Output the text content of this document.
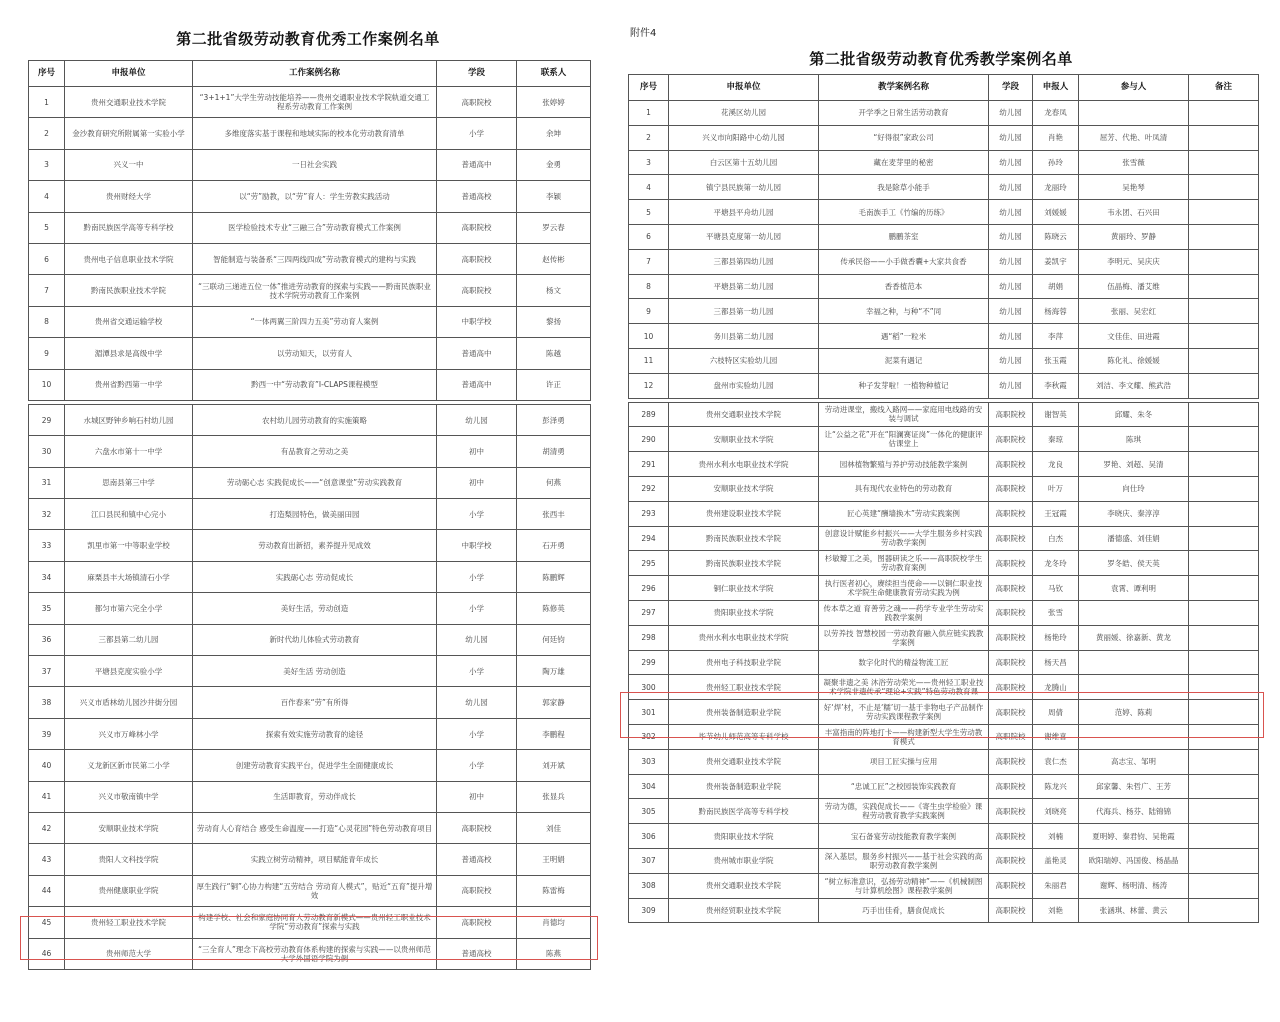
第二批省级劳动教育优秀工作案例名单
序号	申报单位	工作案例名称	学段	联系人
1	贵州交通职业技术学院	“3+1+1”大学生劳动技能培养——贵州交通职业技术学院轨道交通工程系劳动教育工作案例	高职院校	张婷婷
2	金沙教育研究所附属第一实验小学	多维度落实基于课程和地域实际的校本化劳动教育清单	小学	余坤
3	兴义一中	一日社会实践	普通高中	金勇
4	贵州财经大学	以“劳”励教，以“劳”育人：学生劳教实践活动	普通高校	李颖
5	黔南民族医学高等专科学校	医学检验技术专业“三融三合”劳动教育模式工作案例	高职院校	罗云春
6	贵州电子信息职业技术学院	智能制造与装备系“三四两线四成”劳动教育模式的建构与实践	高职院校	赵传彬
7	黔南民族职业技术学院	“三联动三递进五位一体”推进劳动教育的探索与实践——黔南民族职业技术学院劳动教育工作案例	高职院校	杨文
8	贵州省交通运输学校	“一体两翼三阶四力五美”劳动育人案例	中职学校	黎扬
9	湄潭县求是高级中学	以劳动知天，以劳育人	普通高中	陈越
10	贵州省黔西第一中学	黔西一中“劳动教育”I-CLAPS课程模型	普通高中	许正

29	水城区野钟乡响石村幼儿园	农村幼儿园劳动教育的实施策略	幼儿园	彭泽勇
30	六盘水市第十一中学	有品教育之劳动之美	初中	胡清勇
31	思南县第三中学	劳动砺心志 实践促成长——“创意课堂”劳动实践教育	初中	何燕
32	江口县民和镇中心完小	打造梨园特色，做美丽田园	小学	张西丰
33	凯里市第一中等职业学校	劳动教育出新招，素养提升见成效	中职学校	石开勇
34	麻栗县丰大场镇清石小学	实践砺心志 劳动促成长	小学	陈鹏辉
35	都匀市第六完全小学	美好生活，劳动创造	小学	陈修英
36	三都县第二幼儿园	新时代幼儿体验式劳动教育	幼儿园	何廷钧
37	平塘县克度实验小学	美好生活 劳动创造	小学	陶万雄
38	兴义市盾林幼儿园沙井街分园	百作春来“劳”有所得	幼儿园	郭家静
39	兴义市万峰林小学	探索有效实施劳动教育的途径	小学	李鹏程
40	义龙新区新市民第二小学	创建劳动教育实践平台，促进学生全面健康成长	小学	刘开斌
41	兴义市敬南镇中学	生活即教育，劳动伴成长	初中	张显兵
42	安顺职业技术学院	劳动育人心育结合 感受生命温度——打造“心灵花园”特色劳动教育项目	高职院校	刘佳
43	贵阳人文科技学院	实践立树劳动精神，项目赋能青年成长	普通高校	王明娟
44	贵州健康职业学院	厚生践行“铜”心协力构建“五劳结合 劳动育人模式”，贴近“五育”提升增效	高职院校	陈雷梅
45	贵州轻工职业技术学院	构建学校、社会和家庭协同育人劳动教育新模式——贵州轻工职业技术学院“劳动教育”探索与实践	高职院校	肖德均
46	贵州师范大学	“三全育人”理念下高校劳动教育体系构建的探索与实践——以贵州师范大学外国语学院为例	普通高校	陈燕
附件4
第二批省级劳动教育优秀教学案例名单
序号	申报单位	教学案例名称	学段	申报人	参与人	备注
1	花溪区幼儿园	开学季之日常生活劳动教育	幼儿园	龙春凤		
2	兴义市向阳路中心幼儿园	“好得很”家政公司	幼儿园	肖艳	屈芳、代艳、叶凤清	
3	白云区第十五幼儿园	藏在麦芽里的秘密	幼儿园	孙玲	张雪薇	
4	镇宁县民族第一幼儿园	我是除草小能手	幼儿园	龙丽玲	吴艳琴	
5	平塘县平舟幼儿园	毛南族手工《竹编的历练》	幼儿园	刘媛媛	韦永团、石兴田	
6	平塘县克度第一幼儿园	鹏鹏茶室	幼儿园	陈晓云	黄丽玲、罗静	
7	三都县第四幼儿园	传承民俗——小手做香囊+大家共食香	幼儿园	姜凯宇	李明元、吴庆庆	
8	平塘县第二幼儿园	香香植范本	幼儿园	胡娟	伍晶梅、潘艾维	
9	三都县第一幼儿园	幸福之种，与种“不”同	幼儿园	杨海蓉	张丽、吴宏红	
10	务川县第二幼儿园	遇“稻”一粒米	幼儿园	李萍	文佳佳、田进霞	
11	六枝特区实验幼儿园	泥菜有遇记	幼儿园	张玉霞	陈化礼、徐媛媛	
12	盘州市实验幼儿园	种子发芽啦！一植物种植记	幼儿园	李秋霞	刘洁、李文耀、熊武浩	

289	贵州交通职业技术学院	劳动进课堂，搬线入路网——家庭用电线路的安装与调试	高职院校	谢智英	邱耀、朱冬	
290	安顺职业技术学院	让“公益之花”开在“阳澜赛证岗”一体化的健康评估课堂上	高职院校	秦琼	陈琪	
291	贵州水利水电职业技术学院	园林植物繁殖与养护劳动技能教学案例	高职院校	龙良	罗艳、刘超、吴清	
292	安顺职业技术学院	具有现代农业特色的劳动教育	高职院校	叶万	向仕玲	
293	贵州建设职业技术学院	匠心英建“酬墙换木”劳动实践案例	高职院校	王冠霞	李晓庆、秦淳淳	
294	黔南民族职业技术学院	创意设计赋能乡村振兴——大学生服务乡村实践劳动教学案例	高职院校	白杰	潘德盛、刘佳娟	
295	黔南民族职业技术学院	杉敏瓣工之美，图器研读之乐——高职院校学生劳动教育案例	高职院校	龙冬玲	罗冬皓、侯天英	
296	铜仁职业技术学院	执行医者初心，赓续担当使命——以铜仁职业技术学院生命健康教育劳动实践为例	高职院校	马钦	袁霄、谭利明	
297	贵阳职业技术学院	传本草之道 育善劳之魂——药学专业学生劳动实践教学案例	高职院校	张雪		
298	贵州水利水电职业技术学院	以劳养技 智慧校园一劳动教育融入供应链实践教学案例	高职院校	杨艳玲	黄丽媛、徐嘉新、黄龙	
299	贵州电子科技职业学院	数字化时代的精益物流工匠	高职院校	杨天昌		
300	贵州轻工职业技术学院	凝聚非遗之美 沐浴劳动荣光——贵州轻工职业技术学院非遗传承“理论+实践”特色劳动教育课	高职院校	龙腾山		
301	贵州装备制造职业学院	好‘焊’材，不止是‘糯’切一基于非物电子产品制作劳动实践课程教学案例	高职院校	周倩	范婷、陈莉	
302	毕节幼儿师范高等专科学校	丰富指南的阵地打卡——构建新型大学生劳动教育模式	高职院校	谢维喜		
303	贵州交通职业技术学院	项目工匠实操与应用	高职院校	袁仁杰	高志宝、邹明	
304	贵州装备制造职业学院	“忠诚工匠”之校园装饰实践教育	高职院校	陈龙兴	邱家馨、朱哲广、王芳	
305	黔南民族医学高等专科学校	劳动为德，实践促成长——《寄生虫学检验》课程劳动教育教学实践案例	高职院校	刘晓亮	代海兵、杨芬、陆锦锦	
306	贵阳职业技术学院	宝石备宴劳动技能教育教学案例	高职院校	刘楠	夏明婷、秦君钧、吴艳霞	
307	贵州城市职业学院	深入基层，服务乡村振兴——基于社会实践的高职劳动教育教学案例	高职院校	盖艳灵	欧阳瑞婷、冯国俊、杨晶晶	
308	贵州交通职业技术学院	“树立标准意识，弘扬劳动精神”——《机械制图与计算机绘图》课程教学案例	高职院校	朱丽君	谢辉、杨明清、杨涛	
309	贵州经贸职业技术学院	巧手出佳肴，膳食促成长	高职院校	刘艳	张涵琪、林蕾、黄云	
